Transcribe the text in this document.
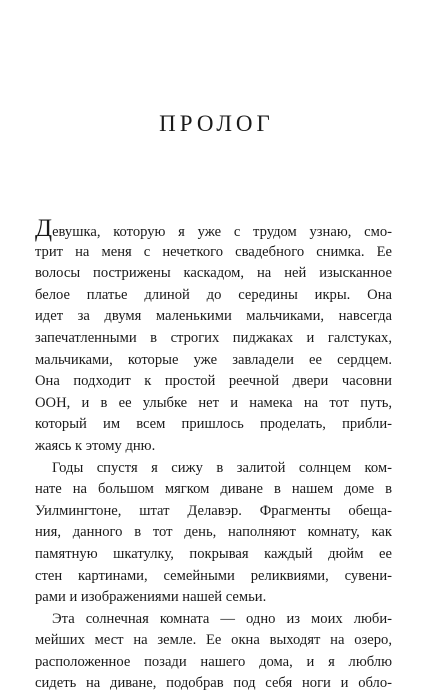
ПРОЛОГ
Девушка, которую я уже с трудом узнаю, смо-
трит на меня с нечеткого свадебного снимка. Ее
волосы пострижены каскадом, на ней изысканное
белое платье длиной до середины икры. Она
идет за двумя маленькими мальчиками, навсегда
запечатленными в строгих пиджаках и галстуках,
мальчиками, которые уже завладели ее сердцем.
Она подходит к простой реечной двери часовни
ООН, и в ее улыбке нет и намека на тот путь,
который им всем пришлось проделать, прибли-
жаясь к этому дню.
Годы спустя я сижу в залитой солнцем ком-
нате на большом мягком диване в нашем доме в
Уилмингтоне, штат Делавэр. Фрагменты обеща-
ния, данного в тот день, наполняют комнату, как
памятную шкатулку, покрывая каждый дюйм ее
стен картинами, семейными реликвиями, сувени-
рами и изображениями нашей семьи.
Эта солнечная комната — одно из моих люби-
мейших мест на земле. Ее окна выходят на озеро,
расположенное позади нашего дома, и я люблю
сидеть на диване, подобрав под себя ноги и обло-
